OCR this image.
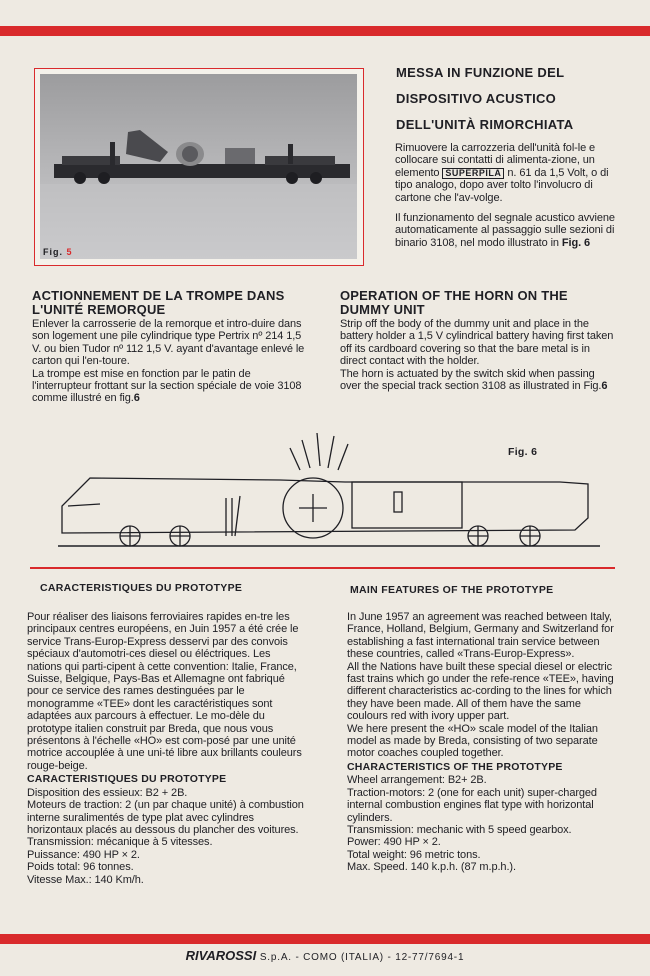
Fig. 5
MESSA IN FUNZIONE DEL
DISPOSITIVO ACUSTICO
DELL'UNITÀ RIMORCHIATA

Rimuovere la carrozzeria dell'unità fol-le e collocare sui contatti di alimenta-zione, un elemento SUPERPILA n. 61 da 1,5 Volt, o di tipo analogo, dopo aver tolto l'involucro di cartone che l'av-volge.

Il funzionamento del segnale acustico avviene automaticamente al passaggio sulle sezioni di binario 3108, nel modo illustrato in Fig. 6

ACTIONNEMENT DE LA TROMPE DANS L'UNITÉ REMORQUE

Enlever la carrosserie de la remorque et intro-duire dans son logement une pile cylindrique type Pertrix nº 214 1,5 V. ou bien Tudor nº 112 1,5 V. ayant d'avantage enlevé le carton qui l'en-toure.

La trompe est mise en fonction par le patin de l'interrupteur frottant sur la section spéciale de voie 3108 comme illustré en fig.6

OPERATION OF THE HORN ON THE DUMMY UNIT

Strip off the body of the dummy unit and place in the battery holder a 1,5 V cylindrical battery having first taken off its cardboard covering so that the bare metal is in direct contact with the holder.

The horn is actuated by the switch skid when passing over the special track section 3108 as illustrated in Fig.6

Fig. 6
CARACTERISTIQUES DU PROTOTYPE

Pour réaliser des liaisons ferroviaires rapides en-tre les principaux centres européens, en Juin 1957 a été crée le service Trans-Europ-Express desservi par des convois spéciaux d'automotri-ces diesel ou éléctriques. Les nations qui parti-cipent à cette convention: Italie, France, Suisse, Belgique, Pays-Bas et Allemagne ont fabriqué pour ce service des rames destinguées par le monogramme «TEE» dont les caractéristiques sont adaptées aux parcours à effectuer. Le mo-dèle du prototype italien construit par Breda, que nous vous présentons à l'échelle «HO» est com-posé par une unité motrice accouplée à une uni-té libre aux brillants couleurs rouge-beige.

CARACTERISTIQUES DU PROTOTYPE
Disposition des essieux: B2 + 2B.
Moteurs de traction: 2 (un par chaque unité) à combustion interne suralimentés de type plat avec cylindres horizontaux placés au dessous du plancher des voitures.
Transmission: mécanique à 5 vitesses.
Puissance: 490 HP × 2.
Poids total: 96 tonnes.
Vitesse Max.: 140 Km/h.
MAIN FEATURES OF THE PROTOTYPE

In June 1957 an agreement was reached between Italy, France, Holland, Belgium, Germany and Switzerland for establishing a fast international train service between these countries, called «Trans-Europ-Express».

All the Nations have built these special diesel or electric fast trains which go under the refe-rence «TEE», having different characteristics ac-cording to the lines for which they have been made. All of them have the same coulours red with ivory upper part.

We here present the «HO» scale model of the Italian model as made by Breda, consisting of two separate motor coaches coupled together.

CHARACTERISTICS OF THE PROTOTYPE
Wheel arrangement: B2+ 2B.
Traction-motors: 2 (one for each unit) super-charged internal combustion engines flat type with horizontal cylinders.
Transmission: mechanic with 5 speed gearbox.
Power: 490 HP × 2.
Total weight: 96 metric tons.
Max. Speed. 140 k.p.h. (87 m.p.h.).
RIVAROSSI S.p.A. - COMO (ITALIA) - 12-77/7694-1
